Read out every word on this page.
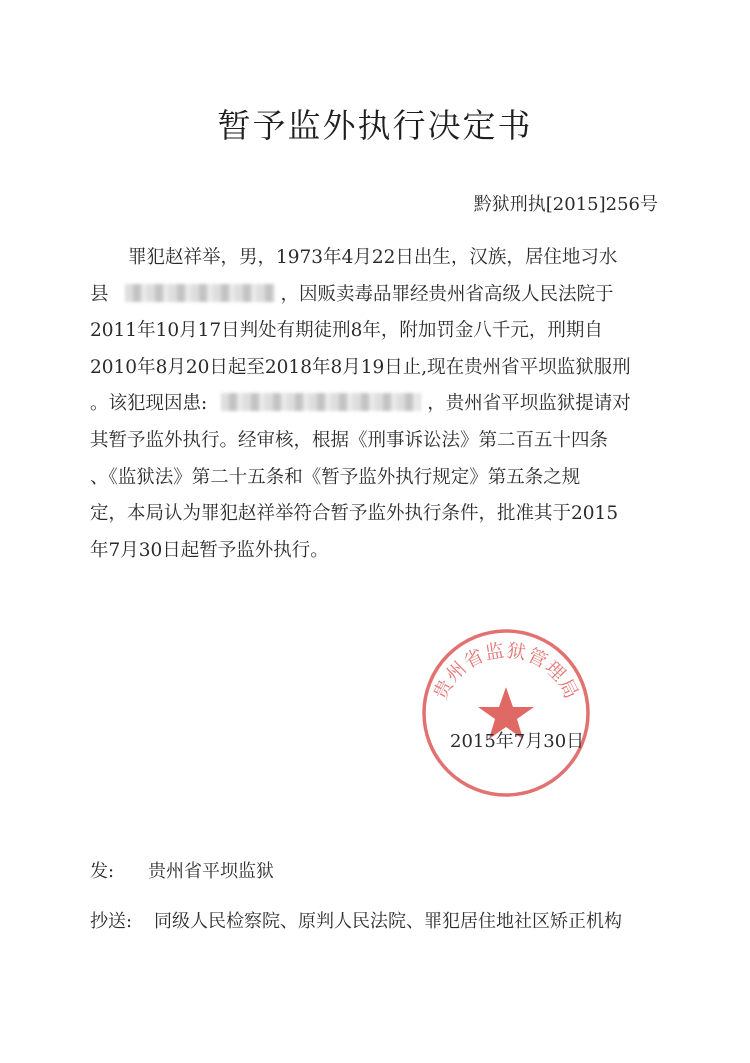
暂予监外执行决定书
黔狱刑执[2015]256号
罪犯赵祥举，男，1973年4月22日出生，汉族，居住地习水
县	，因贩卖毒品罪经贵州省高级人民法院于
2011年10月17日判处有期徒刑8年，附加罚金八千元，刑期自
2010年8月20日起至2018年8月19日止,现在贵州省平坝监狱服刑
。该犯现因患:	，贵州省平坝监狱提请对
其暂予监外执行。经审核，根据《刑事诉讼法》第二百五十四条
、《监狱法》第二十五条和《暂予监外执行规定》第五条之规
定，本局认为罪犯赵祥举符合暂予监外执行条件，批准其于2015
年7月30日起暂予监外执行。
贵州省监狱管理局
2015年7月30日
发: 贵州省平坝监狱
抄送:	同级人民检察院、原判人民法院、罪犯居住地社区矫正机构
